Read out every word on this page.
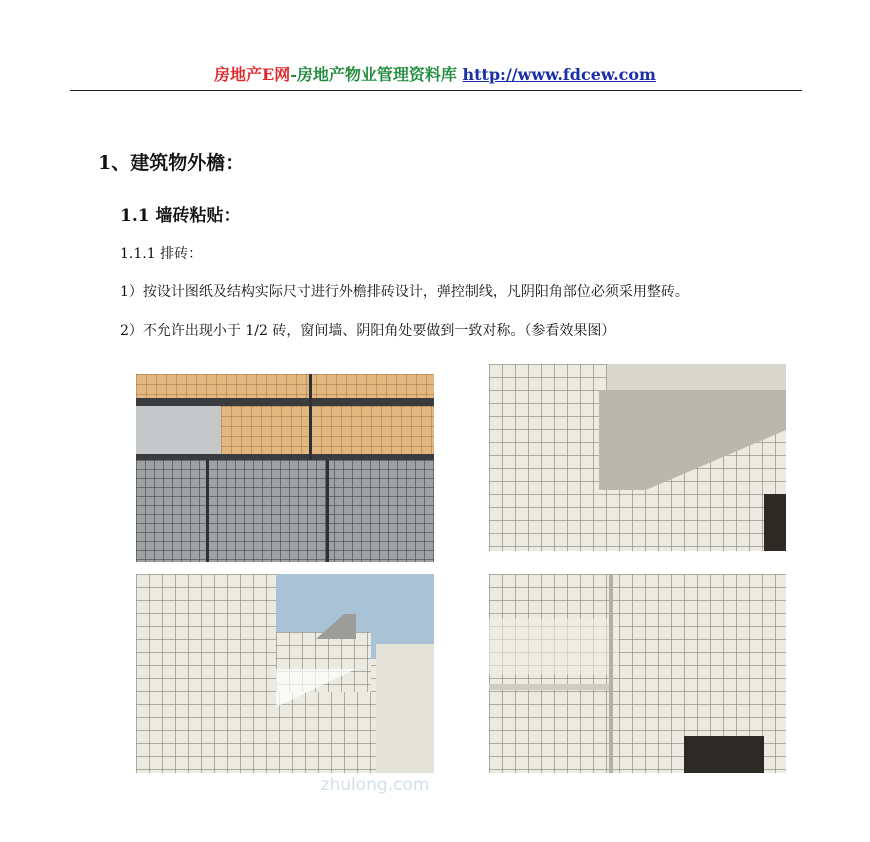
房地产E网-房地产物业管理资料库 http://www.fdcew.com
1、建筑物外檐：
1.1 墙砖粘贴：
1.1.1 排砖：
1）按设计图纸及结构实际尺寸进行外檐排砖设计，弹控制线，凡阴阳角部位必须采用整砖。
2）不允许出现小于 1/2 砖，窗间墙、阴阳角处要做到一致对称。（参看效果图）
zhulong.com
